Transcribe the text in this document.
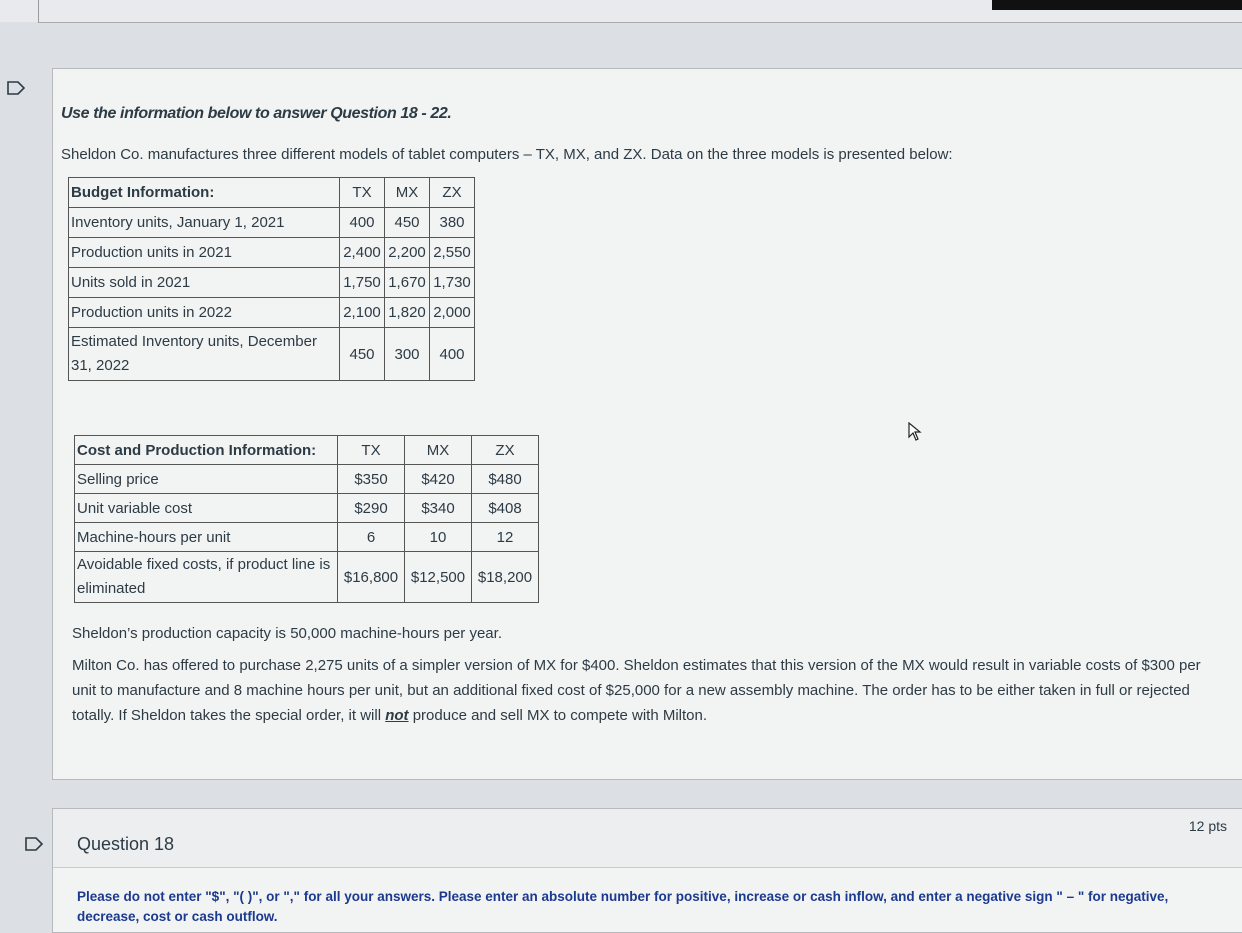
Use the information below to answer Question 18 - 22.
Sheldon Co. manufactures three different models of tablet computers – TX, MX, and ZX. Data on the three models is presented below:
Budget Information:	TX	MX	ZX
Inventory units, January 1, 2021	400	450	380
Production units in 2021	2,400	2,200	2,550
Units sold in 2021	1,750	1,670	1,730
Production units in 2022	2,100	1,820	2,000
Estimated Inventory units, December 31, 2022	450	300	400
Cost and Production Information:	TX	MX	ZX
Selling price	$350	$420	$480
Unit variable cost	$290	$340	$408
Machine-hours per unit	6	10	12
Avoidable fixed costs, if product line is eliminated	$16,800	$12,500	$18,200
Sheldon’s production capacity is 50,000 machine-hours per year.
Milton Co. has offered to purchase 2,275 units of a simpler version of MX for $400. Sheldon estimates that this version of the MX would result in variable costs of $300 per unit to manufacture and 8 machine hours per unit, but an additional fixed cost of $25,000 for a new assembly machine. The order has to be either taken in full or rejected totally. If Sheldon takes the special order, it will not produce and sell MX to compete with Milton.
Question 18
12 pts
Please do not enter "$", "( )", or "," for all your answers. Please enter an absolute number for positive, increase or cash inflow, and enter a negative sign " – " for negative, decrease, cost or cash outflow.
